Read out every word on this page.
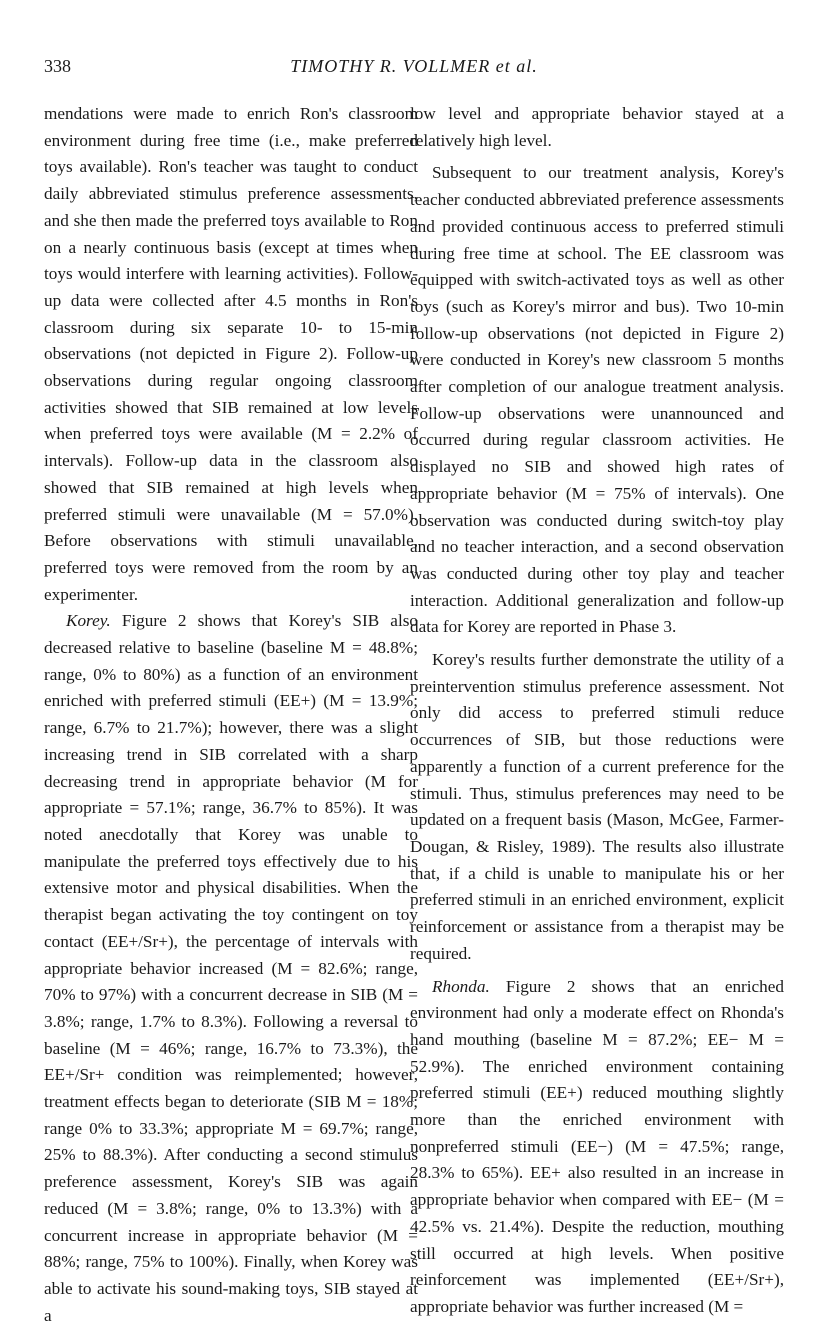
338	TIMOTHY R. VOLLMER et al.

mendations were made to enrich Ron's classroom environment during free time (i.e., make preferred toys available). Ron's teacher was taught to conduct daily abbreviated stimulus preference assessments, and she then made the preferred toys available to Ron on a nearly continuous basis (except at times when toys would interfere with learning activities). Follow-up data were collected after 4.5 months in Ron's classroom during six separate 10- to 15-min observations (not depicted in Figure 2). Follow-up observations during regular ongoing classroom activities showed that SIB remained at low levels when preferred toys were available (M = 2.2% of intervals). Follow-up data in the classroom also showed that SIB remained at high levels when preferred stimuli were unavailable (M = 57.0%). Before observations with stimuli unavailable, preferred toys were removed from the room by an experimenter.

Korey. Figure 2 shows that Korey's SIB also decreased relative to baseline (baseline M = 48.8%; range, 0% to 80%) as a function of an environment enriched with preferred stimuli (EE+) (M = 13.9%; range, 6.7% to 21.7%); however, there was a slight increasing trend in SIB correlated with a sharp decreasing trend in appropriate behavior (M for appropriate = 57.1%; range, 36.7% to 85%). It was noted anecdotally that Korey was unable to manipulate the preferred toys effectively due to his extensive motor and physical disabilities. When the therapist began activating the toy contingent on toy contact (EE+/Sr+), the percentage of intervals with appropriate behavior increased (M = 82.6%; range, 70% to 97%) with a concurrent decrease in SIB (M = 3.8%; range, 1.7% to 8.3%). Following a reversal to baseline (M = 46%; range, 16.7% to 73.3%), the EE+/Sr+ condition was reimplemented; however, treatment effects began to deteriorate (SIB M = 18%; range 0% to 33.3%; appropriate M = 69.7%; range, 25% to 88.3%). After conducting a second stimulus preference assessment, Korey's SIB was again reduced (M = 3.8%; range, 0% to 13.3%) with a concurrent increase in appropriate behavior (M = 88%; range, 75% to 100%). Finally, when Korey was able to activate his sound-making toys, SIB stayed at a

low level and appropriate behavior stayed at a relatively high level.

Subsequent to our treatment analysis, Korey's teacher conducted abbreviated preference assessments and provided continuous access to preferred stimuli during free time at school. The EE classroom was equipped with switch-activated toys as well as other toys (such as Korey's mirror and bus). Two 10-min follow-up observations (not depicted in Figure 2) were conducted in Korey's new classroom 5 months after completion of our analogue treatment analysis. Follow-up observations were unannounced and occurred during regular classroom activities. He displayed no SIB and showed high rates of appropriate behavior (M = 75% of intervals). One observation was conducted during switch-toy play and no teacher interaction, and a second observation was conducted during other toy play and teacher interaction. Additional generalization and follow-up data for Korey are reported in Phase 3.

Korey's results further demonstrate the utility of a preintervention stimulus preference assessment. Not only did access to preferred stimuli reduce occurrences of SIB, but those reductions were apparently a function of a current preference for the stimuli. Thus, stimulus preferences may need to be updated on a frequent basis (Mason, McGee, Farmer-Dougan, & Risley, 1989). The results also illustrate that, if a child is unable to manipulate his or her preferred stimuli in an enriched environment, explicit reinforcement or assistance from a therapist may be required.

Rhonda. Figure 2 shows that an enriched environment had only a moderate effect on Rhonda's hand mouthing (baseline M = 87.2%; EE− M = 52.9%). The enriched environment containing preferred stimuli (EE+) reduced mouthing slightly more than the enriched environment with nonpreferred stimuli (EE−) (M = 47.5%; range, 28.3% to 65%). EE+ also resulted in an increase in appropriate behavior when compared with EE− (M = 42.5% vs. 21.4%). Despite the reduction, mouthing still occurred at high levels. When positive reinforcement was implemented (EE+/Sr+), appropriate behavior was further increased (M =
